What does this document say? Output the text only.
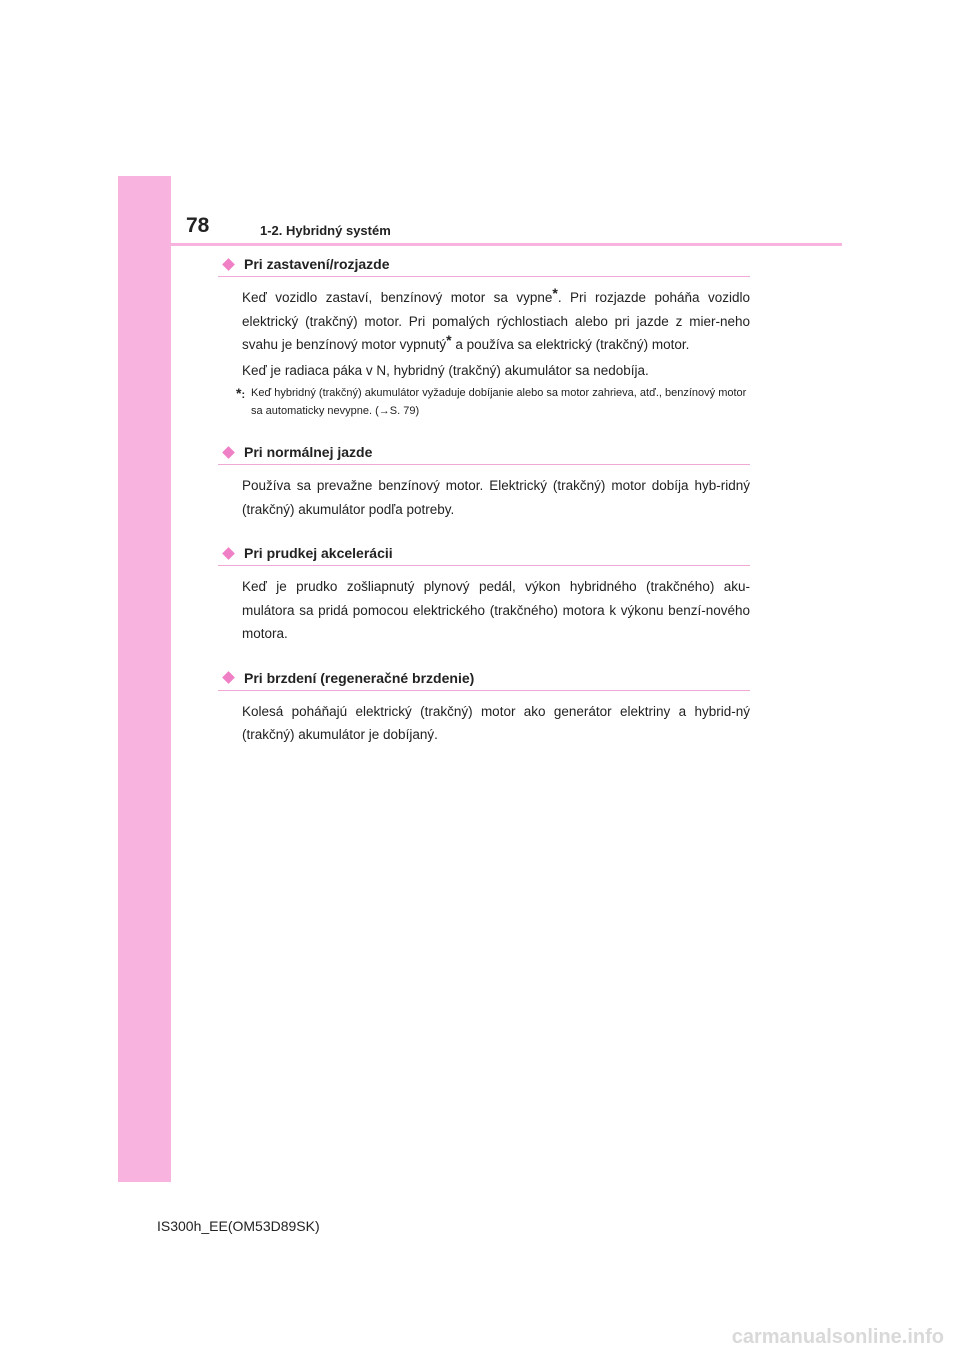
78	1-2. Hybridný systém
Pri zastavení/rozjazde
Keď vozidlo zastaví, benzínový motor sa vypne*. Pri rozjazde poháňa vozidlo elektrický (trakčný) motor. Pri pomalých rýchlostiach alebo pri jazde z mier-neho svahu je benzínový motor vypnutý* a používa sa elektrický (trakčný) motor.
Keď je radiaca páka v N, hybridný (trakčný) akumulátor sa nedobíja.
*: Keď hybridný (trakčný) akumulátor vyžaduje dobíjanie alebo sa motor zahrieva, atď., benzínový motor sa automaticky nevypne. (→S. 79)
Pri normálnej jazde
Používa sa prevažne benzínový motor. Elektrický (trakčný) motor dobíja hyb-ridný (trakčný) akumulátor podľa potreby.
Pri prudkej akcelerácii
Keď je prudko zošliapnutý plynový pedál, výkon hybridného (trakčného) aku-mulátora sa pridá pomocou elektrického (trakčného) motora k výkonu benzí-nového motora.
Pri brzdení (regeneračné brzdenie)
Kolesá poháňajú elektrický (trakčný) motor ako generátor elektriny a hybrid-ný (trakčný) akumulátor je dobíjaný.
IS300h_EE(OM53D89SK)
carmanualsonline.info
